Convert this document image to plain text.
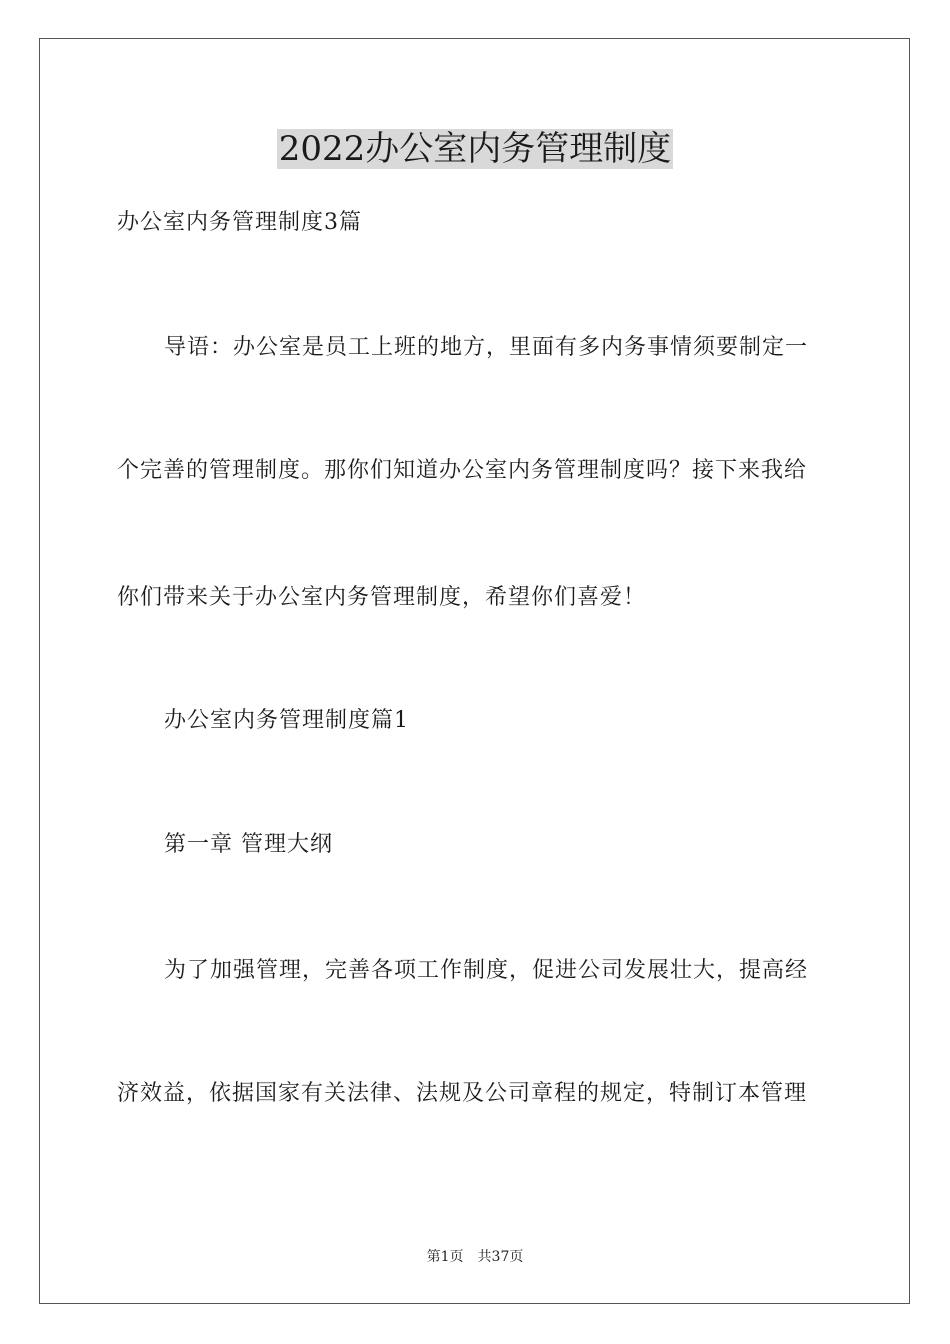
2022办公室内务管理制度
办公室内务管理制度3篇
导语：办公室是员工上班的地方，里面有多内务事情须要制定一
个完善的管理制度。那你们知道办公室内务管理制度吗？接下来我给
你们带来关于办公室内务管理制度，希望你们喜爱！
办公室内务管理制度篇1
第一章 管理大纲
为了加强管理，完善各项工作制度，促进公司发展壮大，提高经
济效益，依据国家有关法律、法规及公司章程的规定，特制订本管理
第1页 共37页
